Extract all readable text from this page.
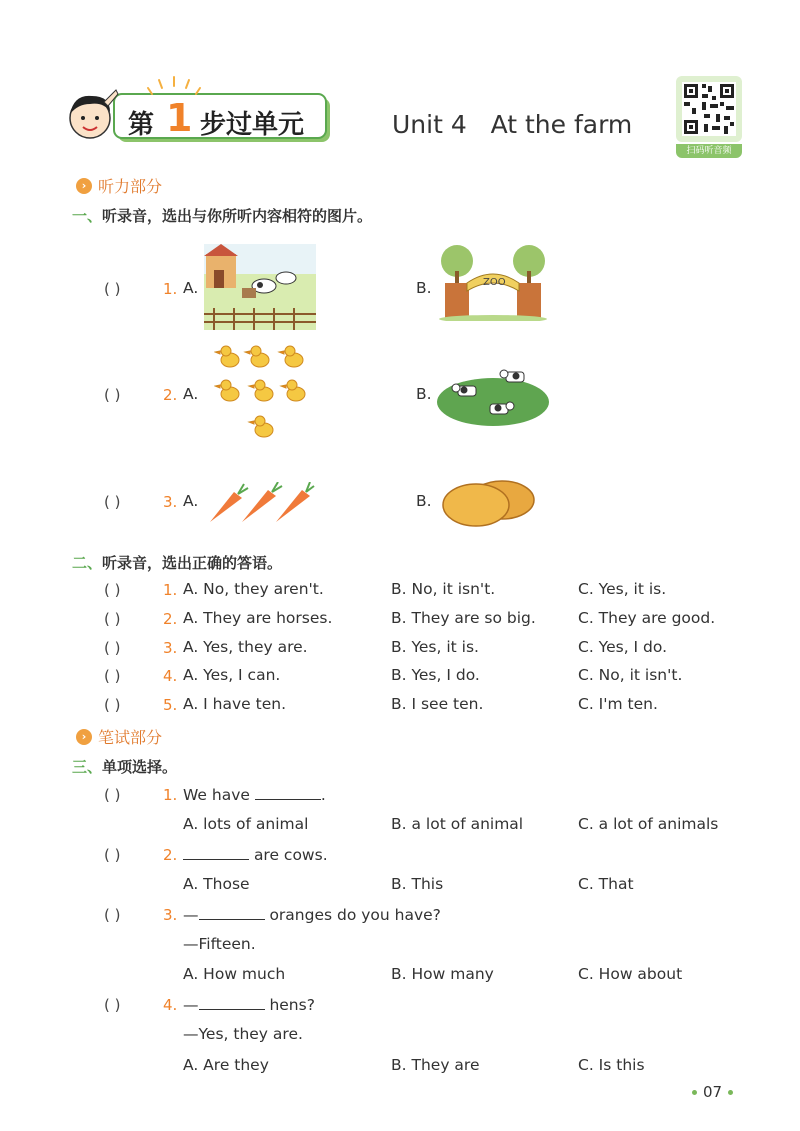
第 1 步过单元	Unit 4   At the farm
扫码听音频
› 听力部分
一、听录音，选出与你所听内容相符的图片。
( )	1. A.	B.	ZOO
( )	2. A.	B.
( )	3. A.	B.
二、听录音，选出正确的答语。
( )	1. A. No, they aren't.	B. No, it isn't.	C. Yes, it is.
( )	2. A. They are horses.	B. They are so big.	C. They are good.
( )	3. A. Yes, they are.	B. Yes, it is.	C. Yes, I do.
( )	4. A. Yes, I can.	B. Yes, I do.	C. No, it isn't.
( )	5. A. I have ten.	B. I see ten.	C. I'm ten.
› 笔试部分
三、单项选择。
( )	1. We have	.
A. lots of animal	B. a lot of animal	C. a lot of animals
( )	2.	are cows.
A. Those	B. This	C. That
( )	3. —	oranges do you have?
—Fifteen.
A. How much	B. How many	C. How about
( )	4. —	hens?
—Yes, they are.
A. Are they	B. They are	C. Is this
07
